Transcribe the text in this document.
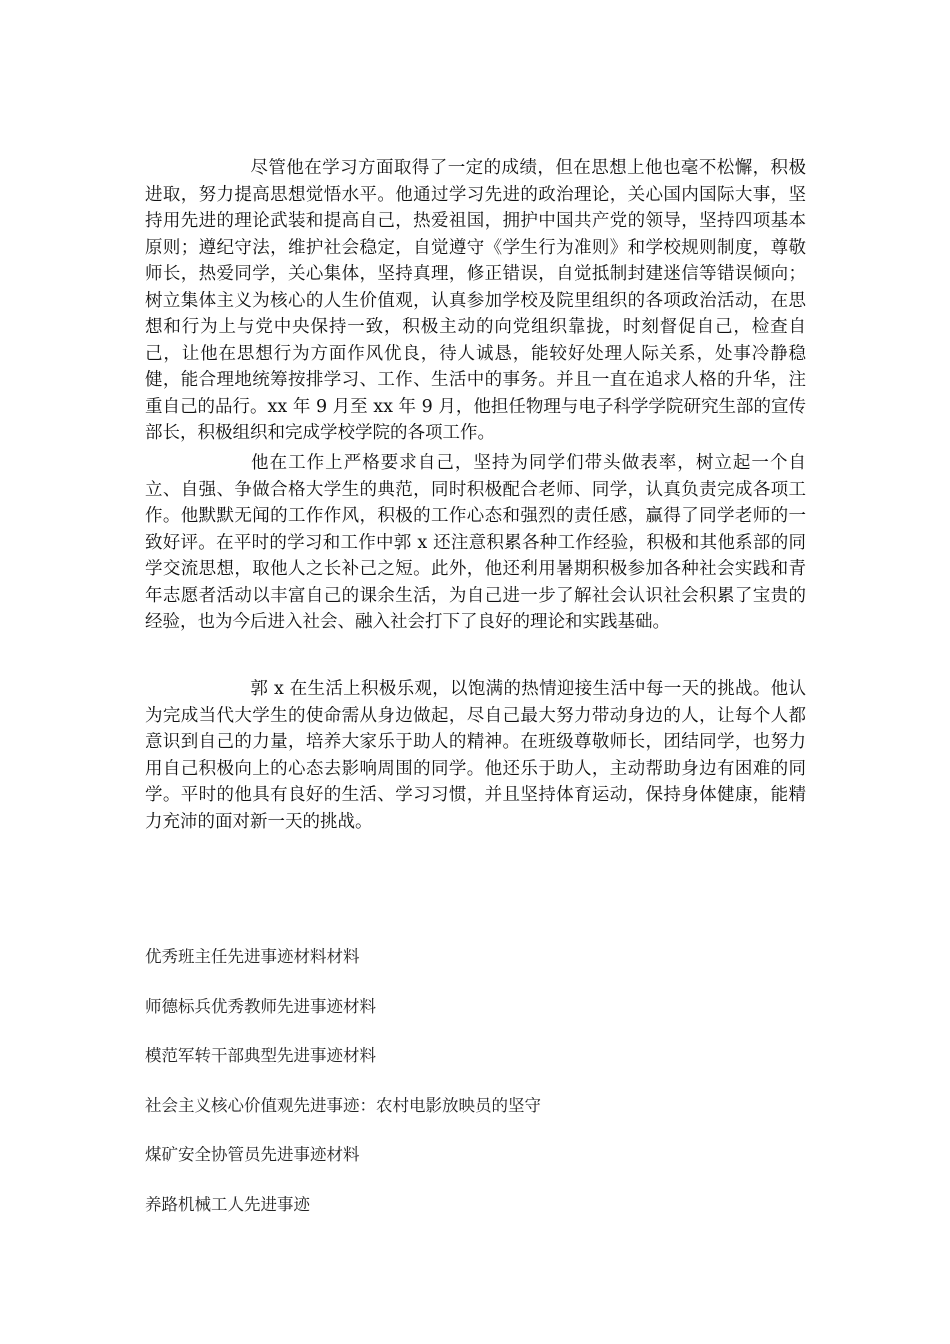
尽管他在学习方面取得了一定的成绩，但在思想上他也毫不松懈，积极进取，努力提高思想觉悟水平。他通过学习先进的政治理论，关心国内国际大事，坚持用先进的理论武装和提高自己，热爱祖国，拥护中国共产党的领导，坚持四项基本原则；遵纪守法，维护社会稳定，自觉遵守《学生行为准则》和学校规则制度，尊敬师长，热爱同学，关心集体，坚持真理，修正错误，自觉抵制封建迷信等错误倾向；树立集体主义为核心的人生价值观，认真参加学校及院里组织的各项政治活动，在思想和行为上与党中央保持一致，积极主动的向党组织靠拢，时刻督促自己，检查自己，让他在思想行为方面作风优良，待人诚恳，能较好处理人际关系，处事冷静稳健，能合理地统筹按排学习、工作、生活中的事务。并且一直在追求人格的升华，注重自己的品行。xx 年 9 月至 xx 年 9 月，他担任物理与电子科学学院研究生部的宣传部长，积极组织和完成学校学院的各项工作。

他在工作上严格要求自己，坚持为同学们带头做表率，树立起一个自立、自强、争做合格大学生的典范，同时积极配合老师、同学，认真负责完成各项工作。他默默无闻的工作作风，积极的工作心态和强烈的责任感，赢得了同学老师的一致好评。在平时的学习和工作中郭 x 还注意积累各种工作经验，积极和其他系部的同学交流思想，取他人之长补己之短。此外，他还利用暑期积极参加各种社会实践和青年志愿者活动以丰富自己的课余生活，为自己进一步了解社会认识社会积累了宝贵的经验，也为今后进入社会、融入社会打下了良好的理论和实践基础。

郭 x 在生活上积极乐观，以饱满的热情迎接生活中每一天的挑战。他认为完成当代大学生的使命需从身边做起，尽自己最大努力带动身边的人，让每个人都意识到自己的力量，培养大家乐于助人的精神。在班级尊敬师长，团结同学，也努力用自己积极向上的心态去影响周围的同学。他还乐于助人，主动帮助身边有困难的同学。平时的他具有良好的生活、学习习惯，并且坚持体育运动，保持身体健康，能精力充沛的面对新一天的挑战。

优秀班主任先进事迹材料材料
师德标兵优秀教师先进事迹材料
模范军转干部典型先进事迹材料
社会主义核心价值观先进事迹：农村电影放映员的坚守
煤矿安全协管员先进事迹材料
养路机械工人先进事迹
